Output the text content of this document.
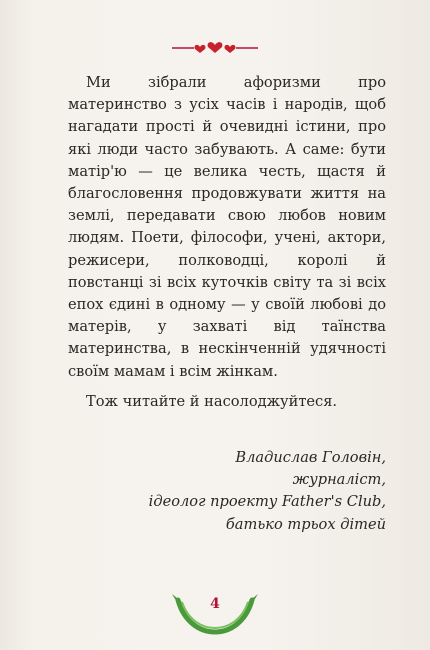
Ми зібрали афоризми про материнство з усіх часів і народів, щоб нагадати прості й очевидні істини, про які люди часто забувають. А саме: бути матір'ю — це велика честь, щастя й благословення продовжувати життя на землі, передавати свою любов новим людям. Поети, філософи, учені, актори, режисери, полководці, королі й повстанці зі всіх куточків світу та зі всіх епох єдині в одному — у своїй любові до матерів, у захваті від таїнства материнства, в нескінченній удячності своїм мамам і всім жінкам.

Тож читайте й насолоджуйтеся.

Владислав Головін,
журналіст,
ідеолог проекту Father's Club,
батько трьох дітей
4
